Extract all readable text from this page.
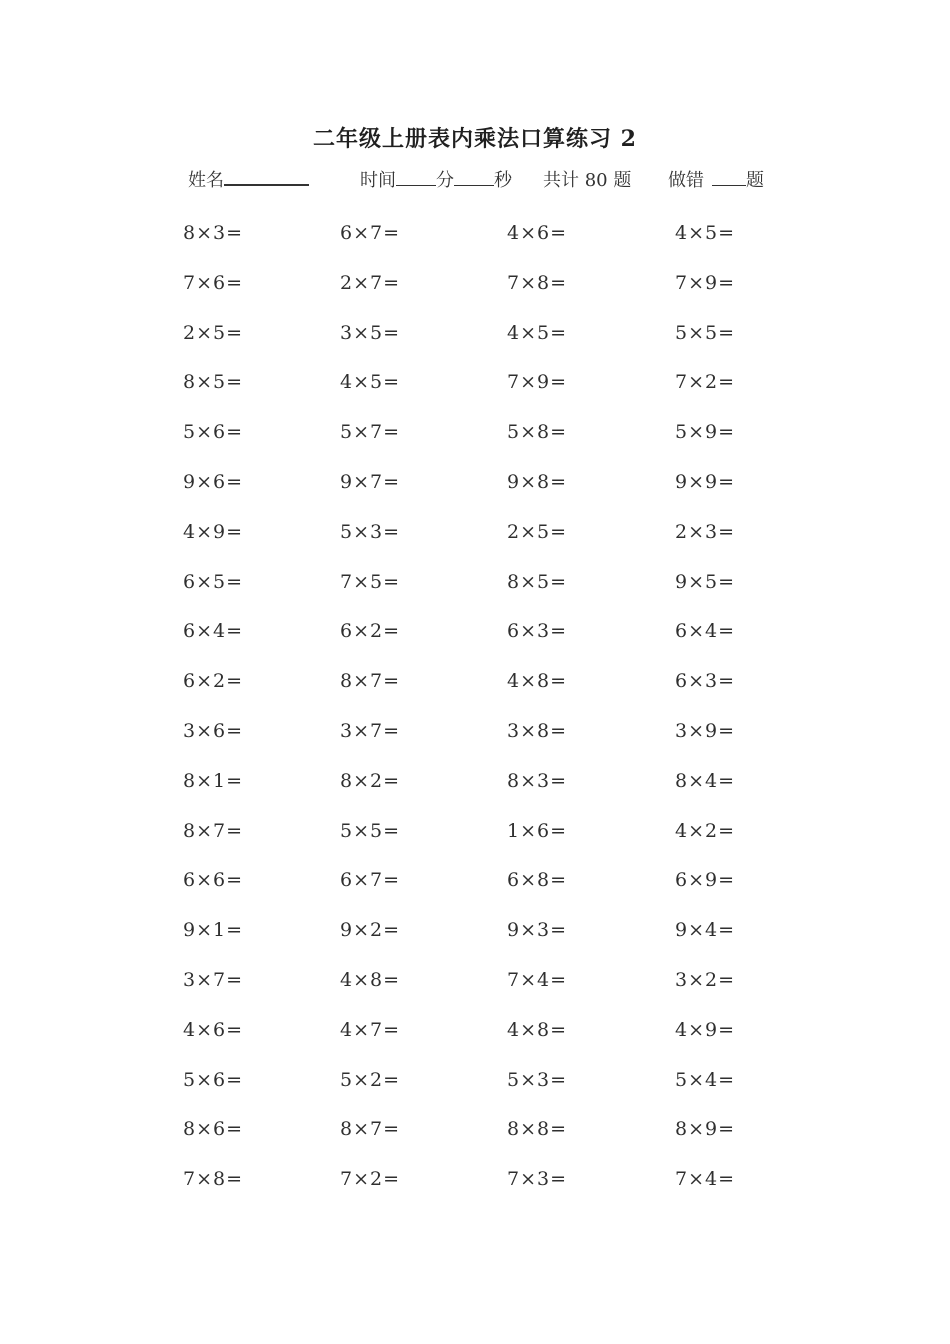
二年级上册表内乘法口算练习 2
姓名	时间 分 秒 共计 80 题 做错 题
8×3=	6×7=	4×6=	4×5=
7×6=	2×7=	7×8=	7×9=
2×5=	3×5=	4×5=	5×5=
8×5=	4×5=	7×9=	7×2=
5×6=	5×7=	5×8=	5×9=
9×6=	9×7=	9×8=	9×9=
4×9=	5×3=	2×5=	2×3=
6×5=	7×5=	8×5=	9×5=
6×4=	6×2=	6×3=	6×4=
6×2=	8×7=	4×8=	6×3=
3×6=	3×7=	3×8=	3×9=
8×1=	8×2=	8×3=	8×4=
8×7=	5×5=	1×6=	4×2=
6×6=	6×7=	6×8=	6×9=
9×1=	9×2=	9×3=	9×4=
3×7=	4×8=	7×4=	3×2=
4×6=	4×7=	4×8=	4×9=
5×6=	5×2=	5×3=	5×4=
8×6=	8×7=	8×8=	8×9=
7×8=	7×2=	7×3=	7×4=
